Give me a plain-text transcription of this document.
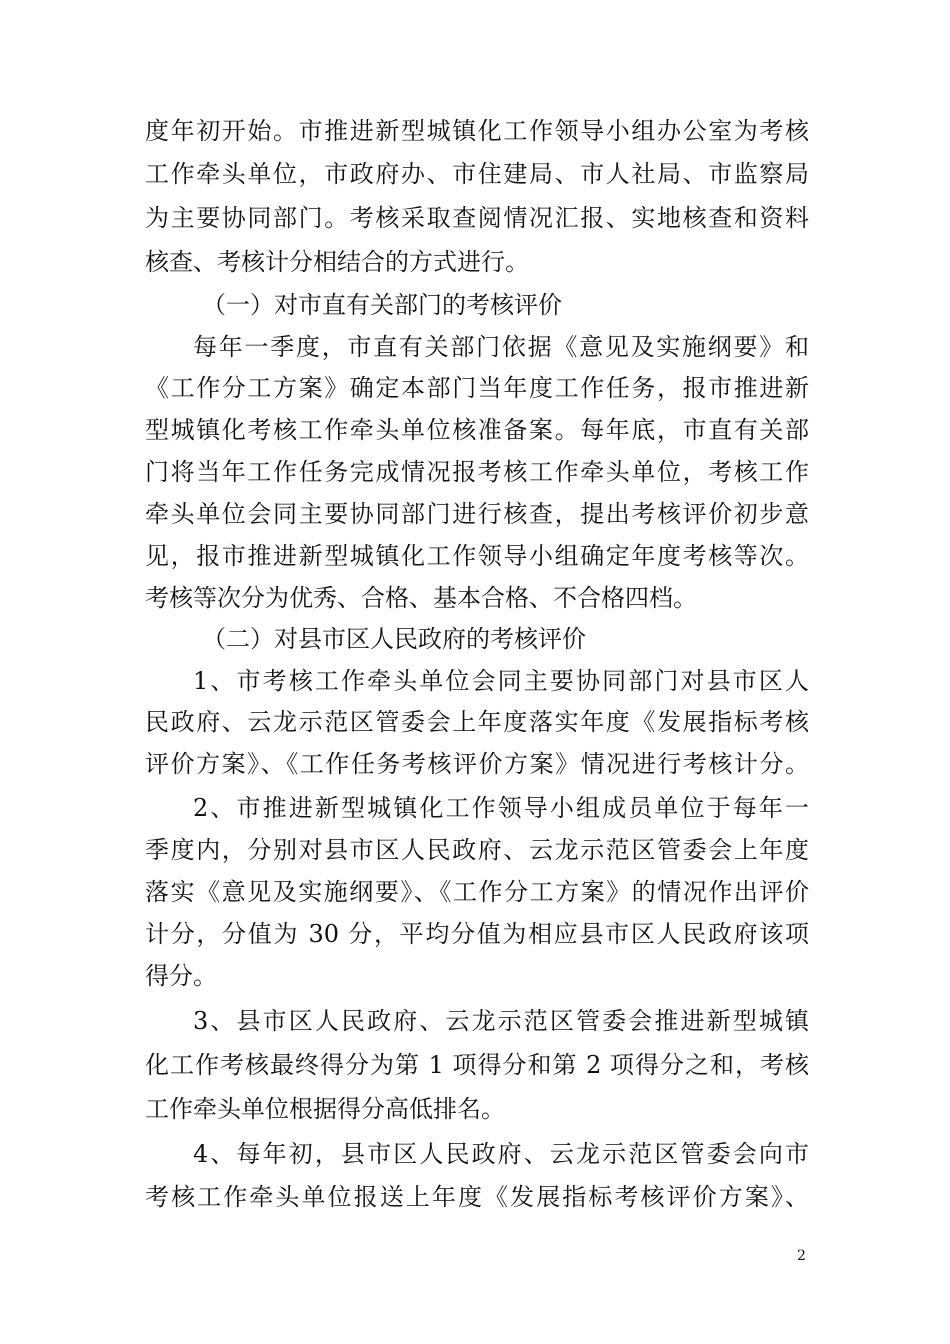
度年初开始。市推进新型城镇化工作领导小组办公室为考核
工作牵头单位，市政府办、市住建局、市人社局、市监察局
为主要协同部门。考核采取查阅情况汇报、实地核查和资料
核查、考核计分相结合的方式进行。
（一）对市直有关部门的考核评价
每年一季度，市直有关部门依据《意见及实施纲要》和
《工作分工方案》确定本部门当年度工作任务，报市推进新
型城镇化考核工作牵头单位核准备案。每年底，市直有关部
门将当年工作任务完成情况报考核工作牵头单位，考核工作
牵头单位会同主要协同部门进行核查，提出考核评价初步意
见，报市推进新型城镇化工作领导小组确定年度考核等次。
考核等次分为优秀、合格、基本合格、不合格四档。
（二）对县市区人民政府的考核评价
1、市考核工作牵头单位会同主要协同部门对县市区人
民政府、云龙示范区管委会上年度落实年度《发展指标考核
评价方案》、《工作任务考核评价方案》情况进行考核计分。
2、市推进新型城镇化工作领导小组成员单位于每年一
季度内，分别对县市区人民政府、云龙示范区管委会上年度
落实《意见及实施纲要》、《工作分工方案》的情况作出评价
计分，分值为 30 分，平均分值为相应县市区人民政府该项
得分。
3、县市区人民政府、云龙示范区管委会推进新型城镇
化工作考核最终得分为第 1 项得分和第 2 项得分之和，考核
工作牵头单位根据得分高低排名。
4、每年初，县市区人民政府、云龙示范区管委会向市
考核工作牵头单位报送上年度《发展指标考核评价方案》、
2
